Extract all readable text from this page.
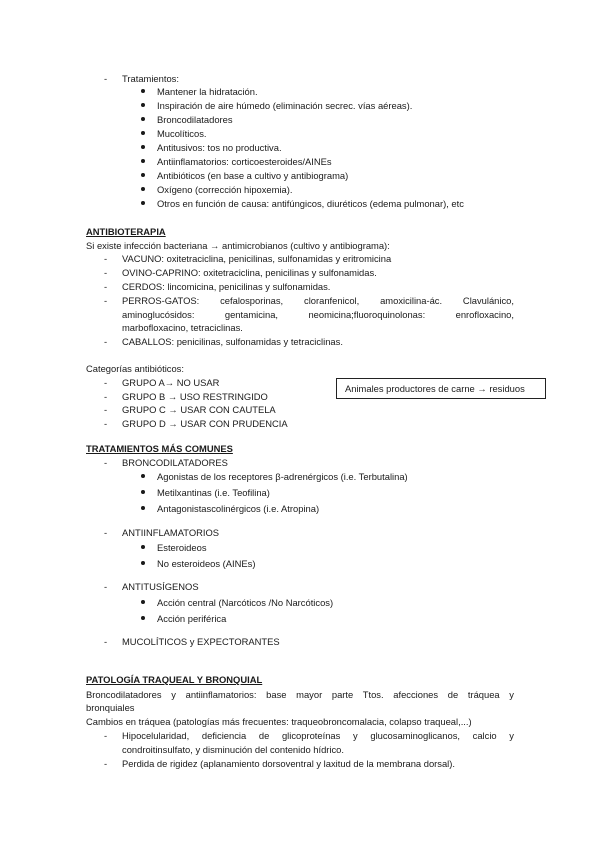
- Tratamientos:
Mantener la hidratación.
Inspiración de aire húmedo (eliminación secrec. vías aéreas).
Broncodilatadores
Mucolíticos.
Antitusivos: tos no productiva.
Antiinflamatorios: corticoesteroides/AINEs
Antibióticos (en base a cultivo y antibiograma)
Oxígeno (corrección hipoxemia).
Otros en función de causa: antifúngicos, diuréticos (edema pulmonar), etc
ANTIBIOTERAPIA
Si existe infección bacteriana → antimicrobianos (cultivo y antibiograma):
- VACUNO: oxitetraciclina, penicilinas, sulfonamidas y eritromicina
- OVINO-CAPRINO: oxitetraciclina, penicilinas y sulfonamidas.
- CERDOS: lincomicina, penicilinas y sulfonamidas.
- PERROS-GATOS: cefalosporinas, cloranfenicol, amoxicilina-ác. Clavulánico,
aminoglucósidos: gentamicina, neomicina;fluoroquinolonas: enrofloxacino,
marbofloxacino, tetraciclinas.
- CABALLOS: penicilinas, sulfonamidas y tetraciclinas.
Categorías antibióticos:
- GRUPO A→ NO USAR
- GRUPO B → USO RESTRINGIDO
- GRUPO C → USAR CON CAUTELA
- GRUPO D → USAR CON PRUDENCIA
Animales productores de carne → residuos
TRATAMIENTOS MÁS COMUNES
- BRONCODILATADORES
Agonistas de los receptores β-adrenérgicos (i.e. Terbutalina)
Metilxantinas (i.e. Teofilina)
Antagonistascolinérgicos (i.e. Atropina)
- ANTIINFLAMATORIOS
Esteroideos
No esteroideos (AINEs)
- ANTITUSÍGENOS
Acción central (Narcóticos /No Narcóticos)
Acción periférica
- MUCOLÍTICOS y EXPECTORANTES
PATOLOGÍA TRAQUEAL Y BRONQUIAL
Broncodilatadores y antiinflamatorios: base mayor parte Ttos. afecciones de tráquea y
bronquiales
Cambios en tráquea (patologías más frecuentes: traqueobroncomalacia, colapso traqueal,...)
- Hipocelularidad, deficiencia de glicoproteínas y glucosaminoglicanos, calcio y
condroitinsulfato, y disminución del contenido hídrico.
- Perdida de rigidez (aplanamiento dorsoventral y laxitud de la membrana dorsal).
